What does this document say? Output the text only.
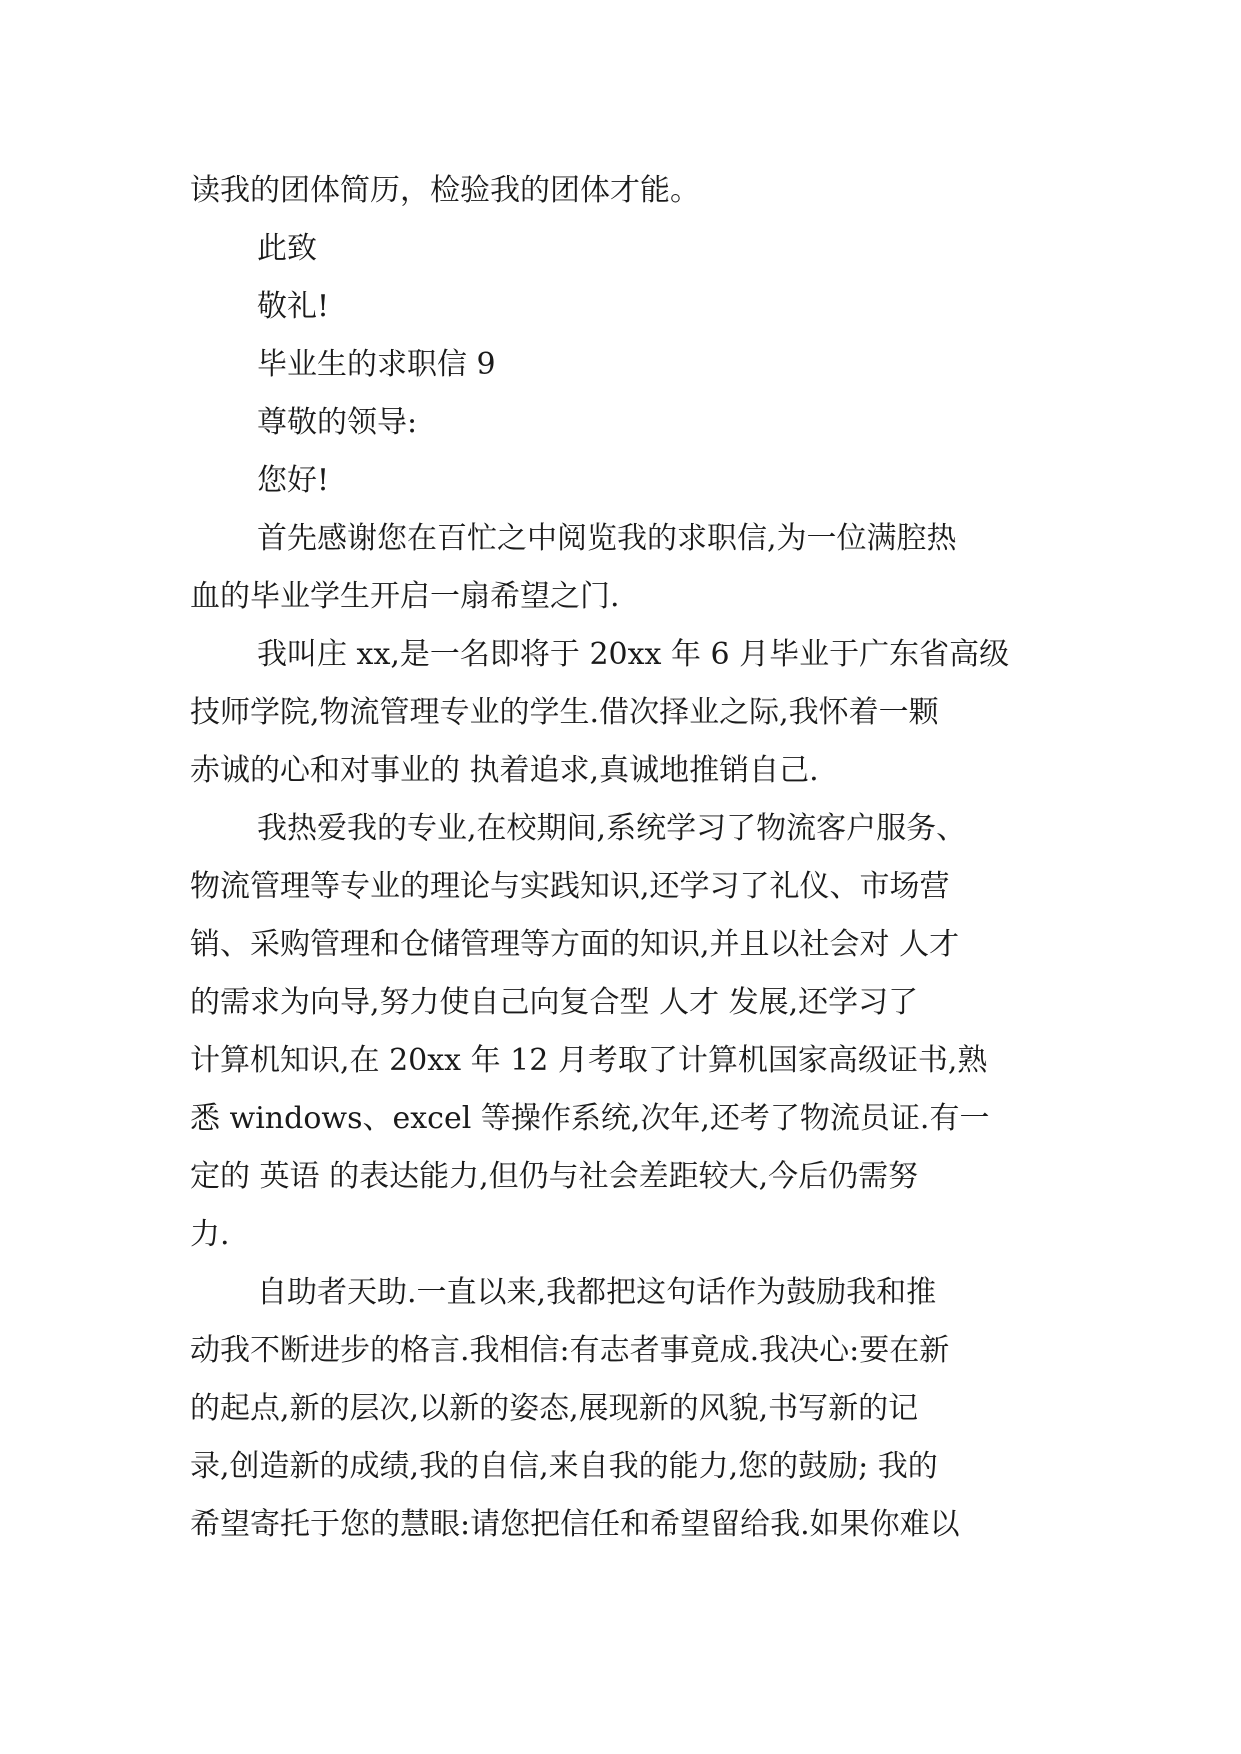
读我的团体简历，检验我的团体才能。
此致
敬礼!
毕业生的求职信 9
尊敬的领导:
您好!
首先感谢您在百忙之中阅览我的求职信,为一位满腔热
血的毕业学生开启一扇希望之门.
我叫庄 xx,是一名即将于 20xx 年 6 月毕业于广东省高级
技师学院,物流管理专业的学生.借次择业之际,我怀着一颗
赤诚的心和对事业的 执着追求,真诚地推销自己.
我热爱我的专业,在校期间,系统学习了物流客户服务、
物流管理等专业的理论与实践知识,还学习了礼仪、市场营
销、采购管理和仓储管理等方面的知识,并且以社会对 人才
的需求为向导,努力使自己向复合型 人才 发展,还学习了
计算机知识,在 20xx 年 12 月考取了计算机国家高级证书,熟
悉 windows、excel 等操作系统,次年,还考了物流员证.有一
定的 英语 的表达能力,但仍与社会差距较大,今后仍需努
力.
自助者天助.一直以来,我都把这句话作为鼓励我和推
动我不断进步的格言.我相信:有志者事竟成.我决心:要在新
的起点,新的层次,以新的姿态,展现新的风貌,书写新的记
录,创造新的成绩,我的自信,来自我的能力,您的鼓励; 我的
希望寄托于您的慧眼:请您把信任和希望留给我.如果你难以
